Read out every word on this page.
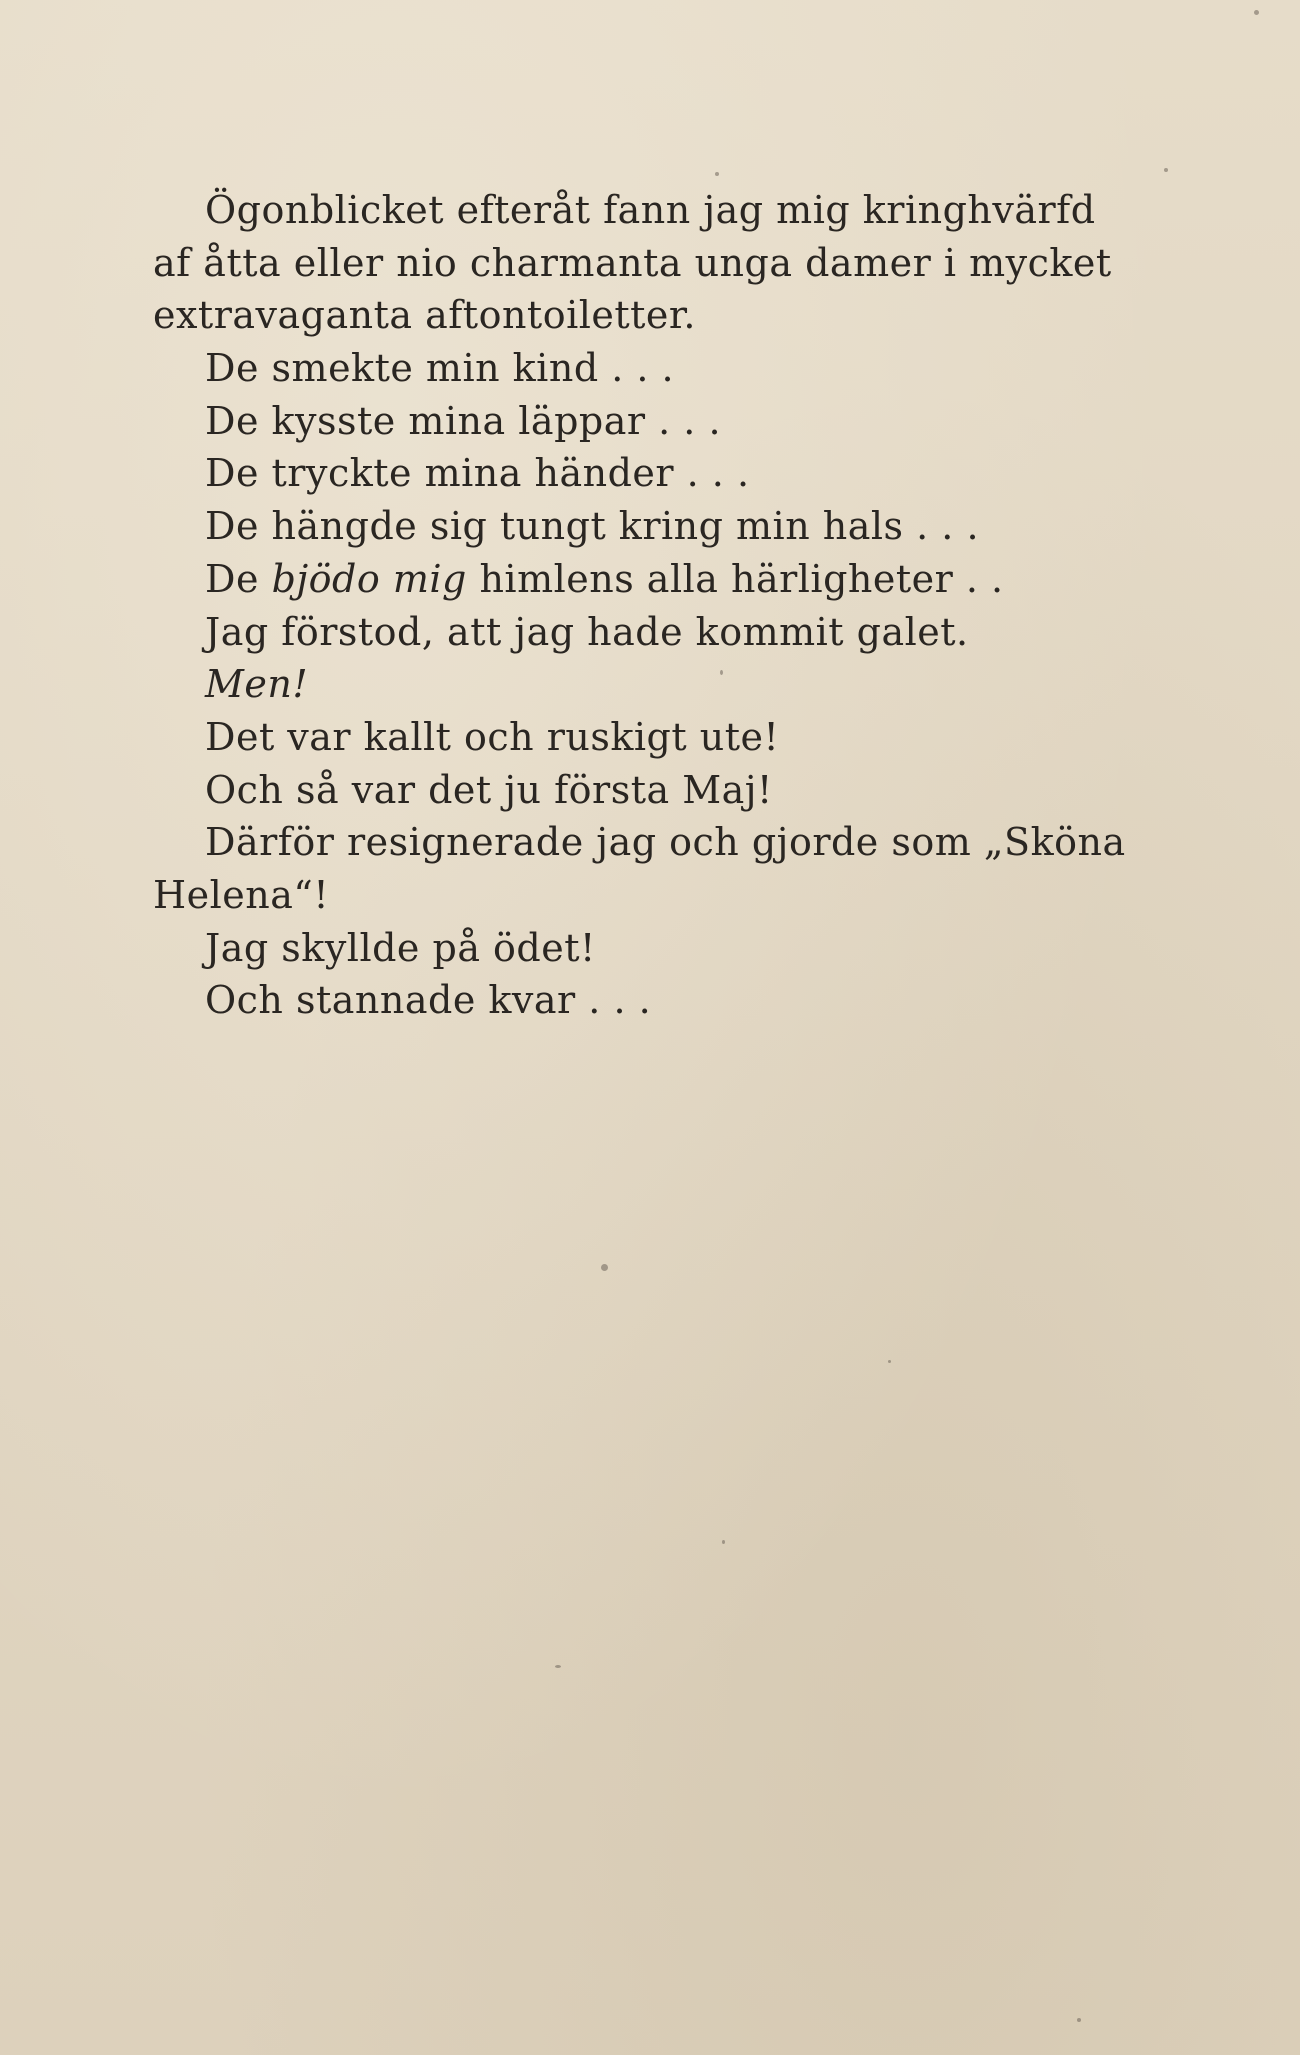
Ögonblicket efteråt fann jag mig kringhvärfd
af åtta eller nio charmanta unga damer i mycket
extravaganta aftontoiletter.
De smekte min kind . . .
De kysste mina läppar . . .
De tryckte mina händer . . .
De hängde sig tungt kring min hals . . .
De bjödo mig himlens alla härligheter . .
Jag förstod, att jag hade kommit galet.
Men!
Det var kallt och ruskigt ute!
Och så var det ju första Maj!
Därför resignerade jag och gjorde som „Sköna
Helena“!
Jag skyllde på ödet!
Och stannade kvar . . .
